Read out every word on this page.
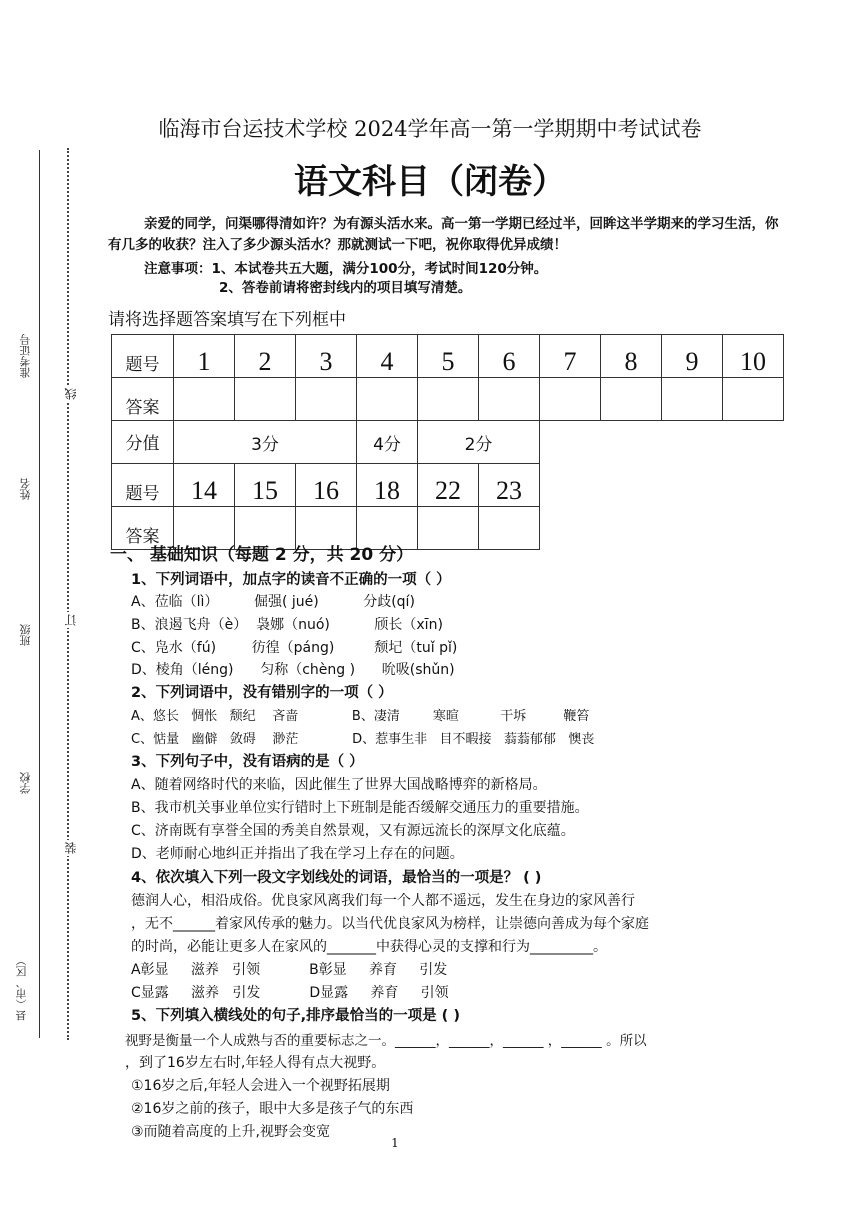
县（市、区）
学校
班级
姓名
准考证号
线
订
装
临海市台运技术学校 2024学年高一第一学期期中考试试卷
语文科目（闭卷）
亲爱的同学，问渠哪得清如许？为有源头活水来。高一第一学期已经过半，回眸这半学期来的学习生活，你有几多的收获？注入了多少源头活水？那就测试一下吧，祝你取得优异成绩！
注意事项：1、本试卷共五大题，满分100分，考试时间120分钟。
2、答卷前请将密封线内的项目填写清楚。
请将选择题答案填写在下列框中
题号	1	2	3	4	5	6	7	8	9	10
答案										
分值	3分			4分	2分					
题号	14	15	16	18	22	23				
答案										
一、 基础知识（每题 2 分，共 20 分）
1、下列词语中，加点字的读音不正确的一项（ ）
A、莅临（lì）        倔强( jué)          分歧(qí)
B、浪遏飞舟（è）  袅娜（nuó)          颀长（xīn)
C、凫水（fú)        彷徨（páng)         颓圮（tuǐ pǐ)
D、棱角（léng)      匀称（chèng )      吮吸(shǔn)
2、下列词语中，没有错别字的一项（ ）
A、悠长   惆怅   颓纪    吝啬             B、凄清        寒暄          干坼         鞭笞
C、惦量   幽僻   敛碍    渺茫             D、惹事生非   目不暇接   蓊蓊郁郁   懊丧
3、下列句子中，没有语病的是（ ）
A、随着网络时代的来临，因此催生了世界大国战略博弈的新格局。
B、我市机关事业单位实行错时上下班制是能否缓解交通压力的重要措施。
C、济南既有享誉全国的秀美自然景观，又有源远流长的深厚文化底蕴。
D、老师耐心地纠正并指出了我在学习上存在的问题。
4、依次填入下列一段文字划线处的词语，最恰当的一项是？ ( )
德润人心，相沿成俗。优良家风离我们每一个人都不遥远，发生在身边的家风善行
，无不______着家风传承的魅力。以当代优良家风为榜样，让崇德向善成为每个家庭
的时尚，必能让更多人在家风的_______中获得心灵的支撑和行为_________。
A彰显     滋养   引领           B彰显     养育     引发
C显露     滋养   引发           D显露     养育     引领
5、下列填入横线处的句子,排序最恰当的一项是 ( )
视野是衡量一个人成熟与否的重要标志之一。______，______，______ ，______ 。所以
，到了16岁左右时,年轻人得有点大视野。
①16岁之后,年轻人会进入一个视野拓展期
②16岁之前的孩子，眼中大多是孩子气的东西
③而随着高度的上升,视野会变宽
1
